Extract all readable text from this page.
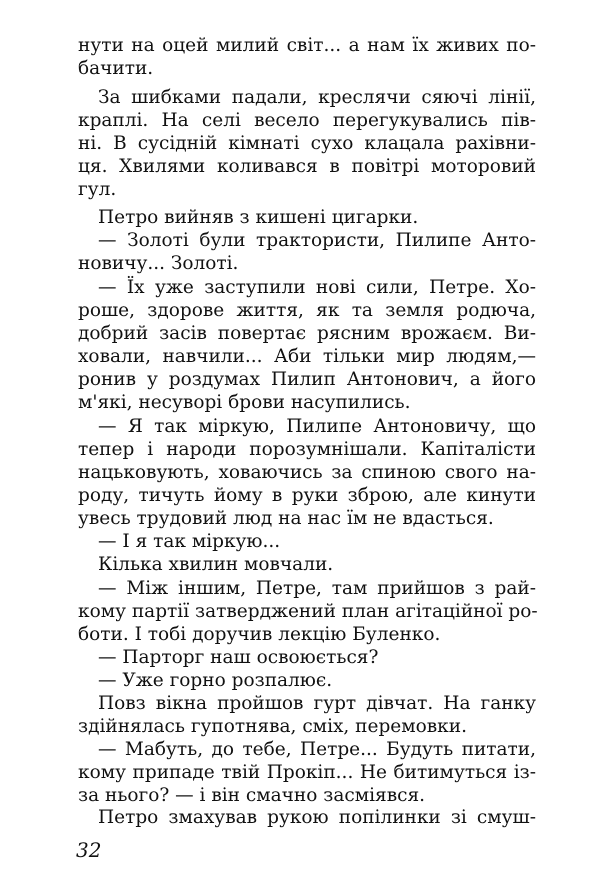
нути на оцей милий світ... а нам їх живих по-
бачити.
За шибками падали, креслячи сяючі лінії,
краплі. На селі весело перегукувались пів-
ні. В сусідній кімнаті сухо клацала рахівни-
ця. Хвилями коливався в повітрі моторовий
гул.
Петро вийняв з кишені цигарки.
— Золоті були трактористи, Пилипе Анто-
новичу... Золоті.
— Їх уже заступили нові сили, Петре. Хо-
роше, здорове життя, як та земля родюча,
добрий засів повертає рясним врожаєм. Ви-
ховали, навчили... Аби тільки мир людям,—
ронив у роздумах Пилип Антонович, а його
м'які, несуворі брови насупились.
— Я так міркую, Пилипе Антоновичу, що
тепер і народи порозумнішали. Капіталісти
нацьковують, ховаючись за спиною свого на-
роду, тичуть йому в руки зброю, але кинути
увесь трудовий люд на нас їм не вдасться.
— І я так міркую...
Кілька хвилин мовчали.
— Між іншим, Петре, там прийшов з рай-
кому партії затверджений план агітаційної ро-
боти. І тобі доручив лекцію Буленко.
— Парторг наш освоюється?
— Уже горно розпалює.
Повз вікна пройшов гурт дівчат. На ганку
здійнялась гупотнява, сміх, перемовки.
— Мабуть, до тебе, Петре... Будуть питати,
кому припаде твій Прокіп... Не битимуться із-
за нього? — і він смачно засміявся.
Петро змахував рукою попілинки зі смуш-
32
